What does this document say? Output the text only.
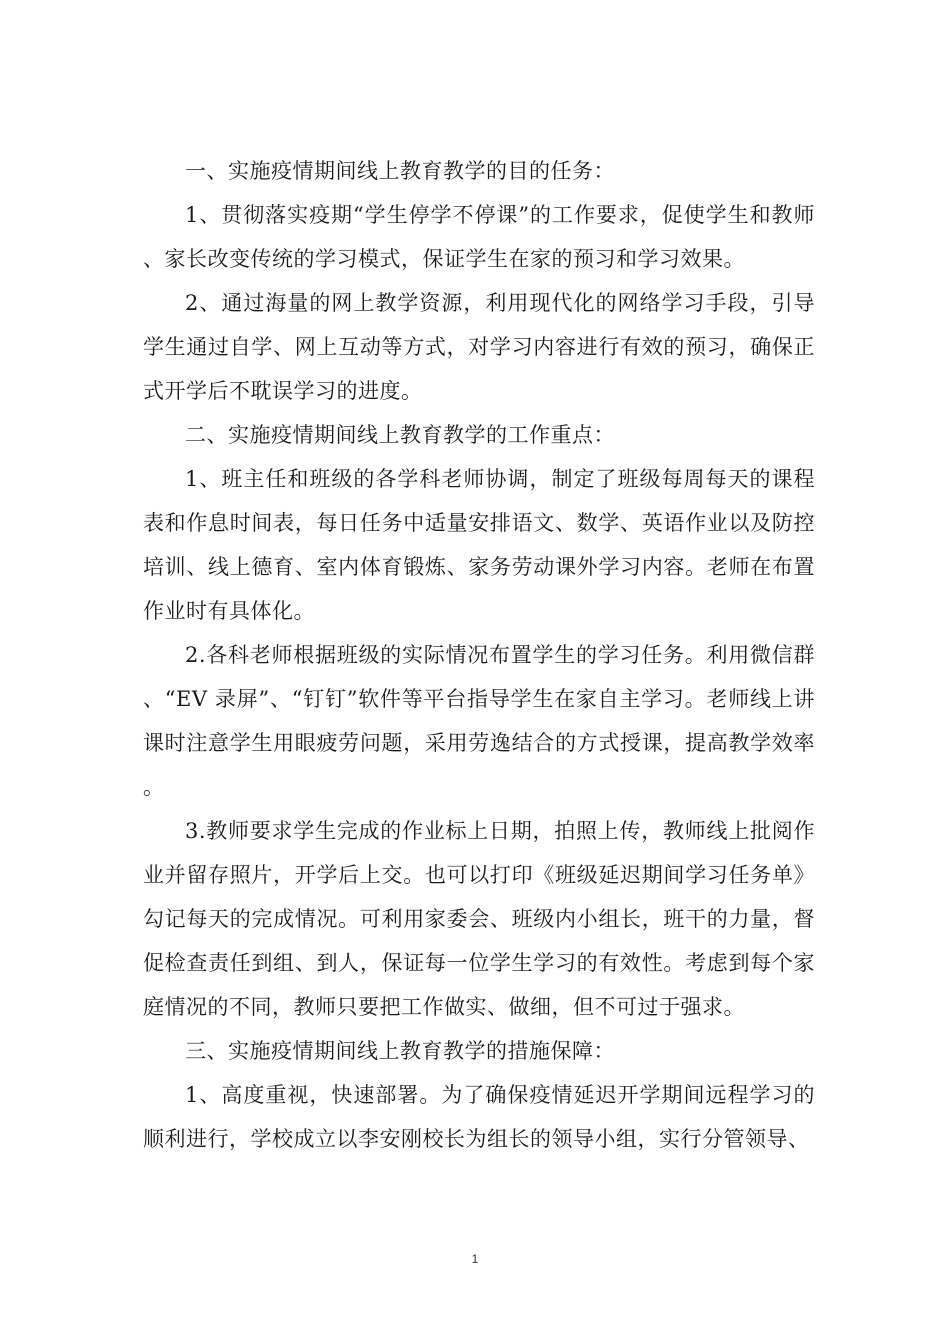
一、实施疫情期间线上教育教学的目的任务：

1、贯彻落实疫期“学生停学不停课”的工作要求，促使学生和教师、家长改变传统的学习模式，保证学生在家的预习和学习效果。

2、通过海量的网上教学资源，利用现代化的网络学习手段，引导学生通过自学、网上互动等方式，对学习内容进行有效的预习，确保正式开学后不耽误学习的进度。

二、实施疫情期间线上教育教学的工作重点：

1、班主任和班级的各学科老师协调，制定了班级每周每天的课程表和作息时间表，每日任务中适量安排语文、数学、英语作业以及防控培训、线上德育、室内体育锻炼、家务劳动课外学习内容。老师在布置作业时有具体化。

2.各科老师根据班级的实际情况布置学生的学习任务。利用微信群、“EV 录屏”、“钉钉”软件等平台指导学生在家自主学习。老师线上讲课时注意学生用眼疲劳问题，采用劳逸结合的方式授课，提高教学效率。

3.教师要求学生完成的作业标上日期，拍照上传，教师线上批阅作业并留存照片，开学后上交。也可以打印《班级延迟期间学习任务单》勾记每天的完成情况。可利用家委会、班级内小组长，班干的力量，督促检查责任到组、到人，保证每一位学生学习的有效性。考虑到每个家庭情况的不同，教师只要把工作做实、做细，但不可过于强求。

三、实施疫情期间线上教育教学的措施保障：

1、高度重视，快速部署。为了确保疫情延迟开学期间远程学习的顺利进行，学校成立以李安刚校长为组长的领导小组，实行分管领导、

1
